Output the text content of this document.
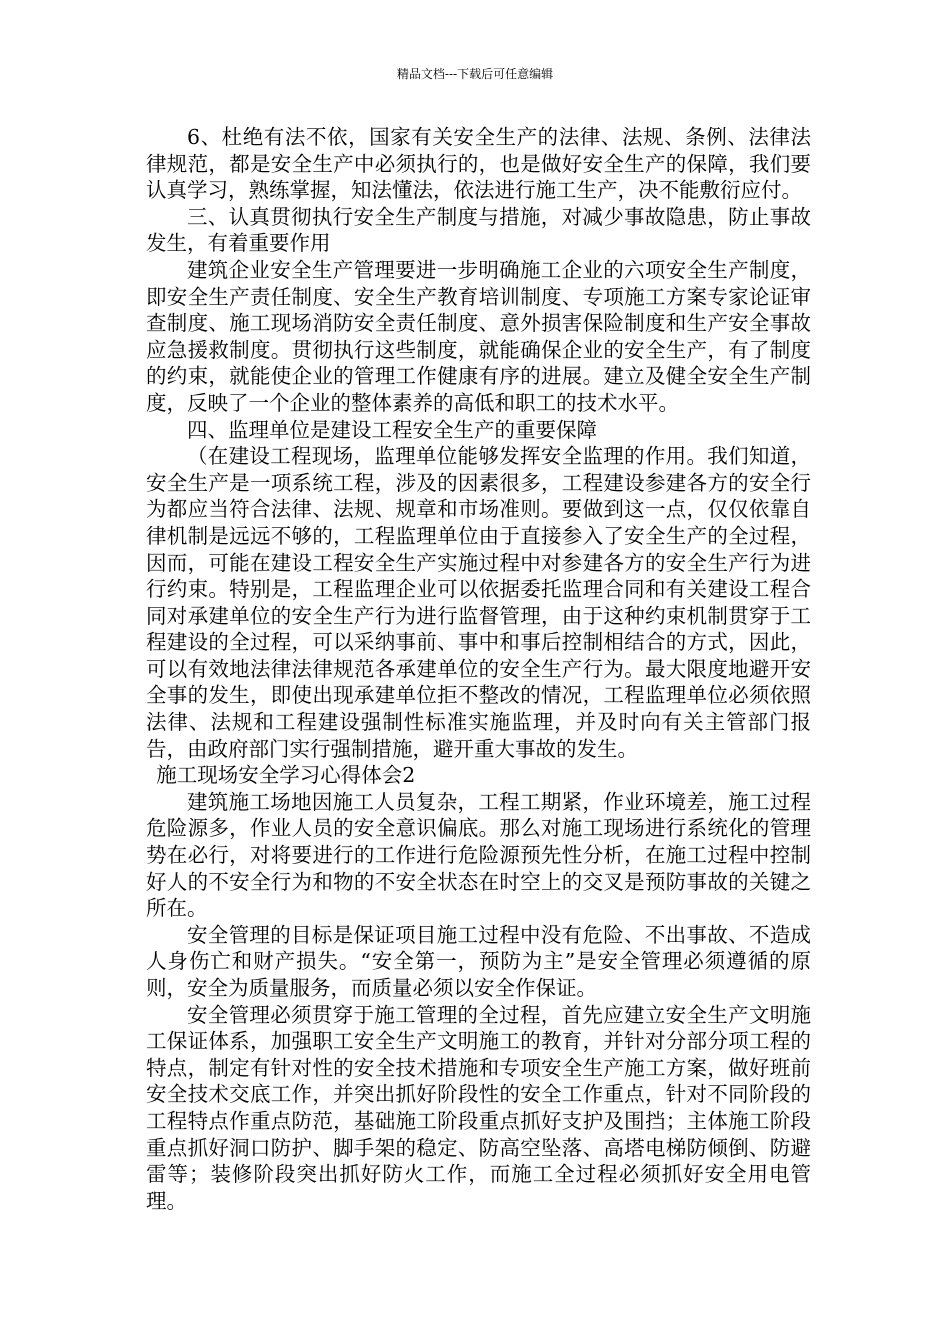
精品文档---下载后可任意编辑

6、杜绝有法不依，国家有关安全生产的法律、法规、条例、法律法律规范，都是安全生产中必须执行的，也是做好安全生产的保障，我们要认真学习，熟练掌握，知法懂法，依法进行施工生产，决不能敷衍应付。

三、认真贯彻执行安全生产制度与措施，对减少事故隐患，防止事故发生，有着重要作用

建筑企业安全生产管理要进一步明确施工企业的六项安全生产制度，即安全生产责任制度、安全生产教育培训制度、专项施工方案专家论证审查制度、施工现场消防安全责任制度、意外损害保险制度和生产安全事故应急援救制度。贯彻执行这些制度，就能确保企业的安全生产，有了制度的约束，就能使企业的管理工作健康有序的进展。建立及健全安全生产制度，反映了一个企业的整体素养的高低和职工的技术水平。

四、监理单位是建设工程安全生产的重要保障

（在建设工程现场，监理单位能够发挥安全监理的作用。我们知道，安全生产是一项系统工程，涉及的因素很多，工程建设参建各方的安全行为都应当符合法律、法规、规章和市场准则。要做到这一点，仅仅依靠自律机制是远远不够的，工程监理单位由于直接参入了安全生产的全过程，因而，可能在建设工程安全生产实施过程中对参建各方的安全生产行为进行约束。特别是，工程监理企业可以依据委托监理合同和有关建设工程合同对承建单位的安全生产行为进行监督管理，由于这种约束机制贯穿于工程建设的全过程，可以采纳事前、事中和事后控制相结合的方式，因此，可以有效地法律法律规范各承建单位的安全生产行为。最大限度地避开安全事的发生，即使出现承建单位拒不整改的情况，工程监理单位必须依照法律、法规和工程建设强制性标准实施监理，并及时向有关主管部门报告，由政府部门实行强制措施，避开重大事故的发生。

施工现场安全学习心得体会2

建筑施工场地因施工人员复杂，工程工期紧，作业环境差，施工过程危险源多，作业人员的安全意识偏底。那么对施工现场进行系统化的管理势在必行，对将要进行的工作进行危险源预先性分析，在施工过程中控制好人的不安全行为和物的不安全状态在时空上的交叉是预防事故的关键之所在。

安全管理的目标是保证项目施工过程中没有危险、不出事故、不造成人身伤亡和财产损失。“安全第一，预防为主”是安全管理必须遵循的原则，安全为质量服务，而质量必须以安全作保证。

安全管理必须贯穿于施工管理的全过程，首先应建立安全生产文明施工保证体系，加强职工安全生产文明施工的教育，并针对分部分项工程的特点，制定有针对性的安全技术措施和专项安全生产施工方案，做好班前安全技术交底工作，并突出抓好阶段性的安全工作重点，针对不同阶段的工程特点作重点防范，基础施工阶段重点抓好支护及围挡；主体施工阶段重点抓好洞口防护、脚手架的稳定、防高空坠落、高塔电梯防倾倒、防避雷等；装修阶段突出抓好防火工作，而施工全过程必须抓好安全用电管理。
